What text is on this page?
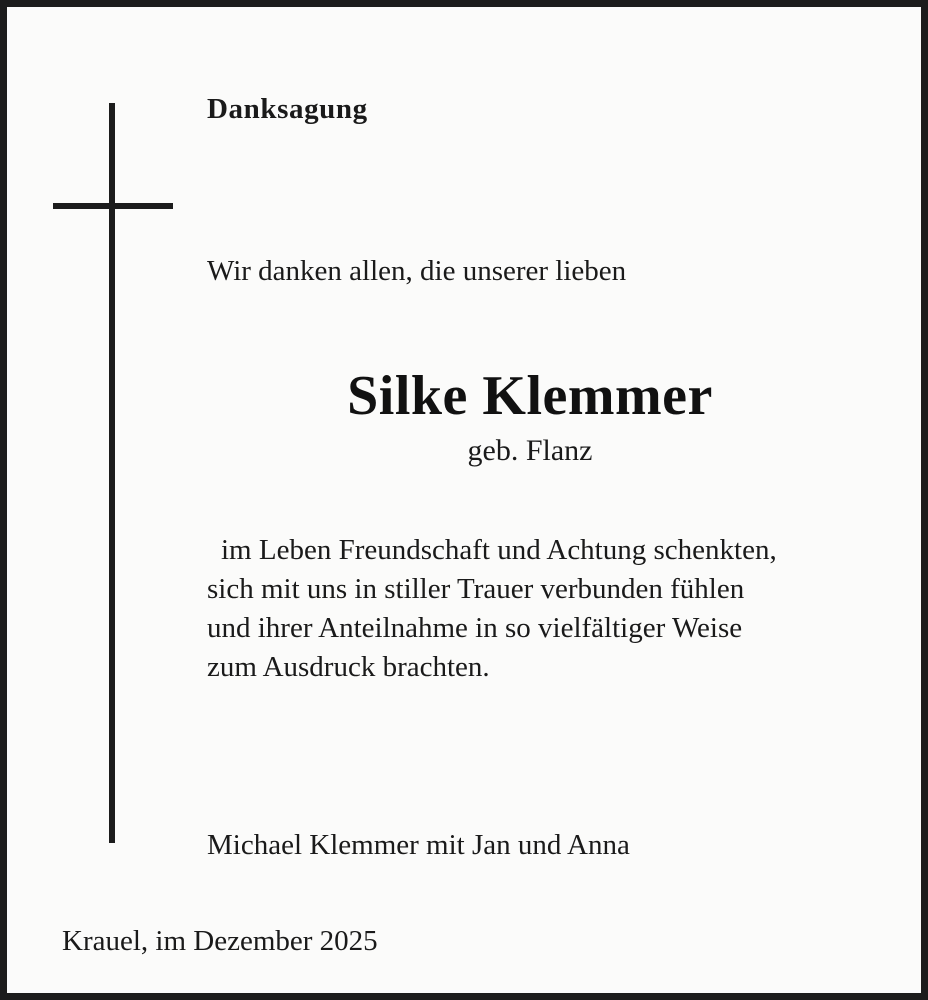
Danksagung
Wir danken allen, die unserer lieben
Silke Klemmer
geb. Flanz
im Leben Freundschaft und Achtung schenkten,
sich mit uns in stiller Trauer verbunden fühlen
und ihrer Anteilnahme in so vielfältiger Weise
zum Ausdruck brachten.
Michael Klemmer mit Jan und Anna
Krauel, im Dezember 2025
